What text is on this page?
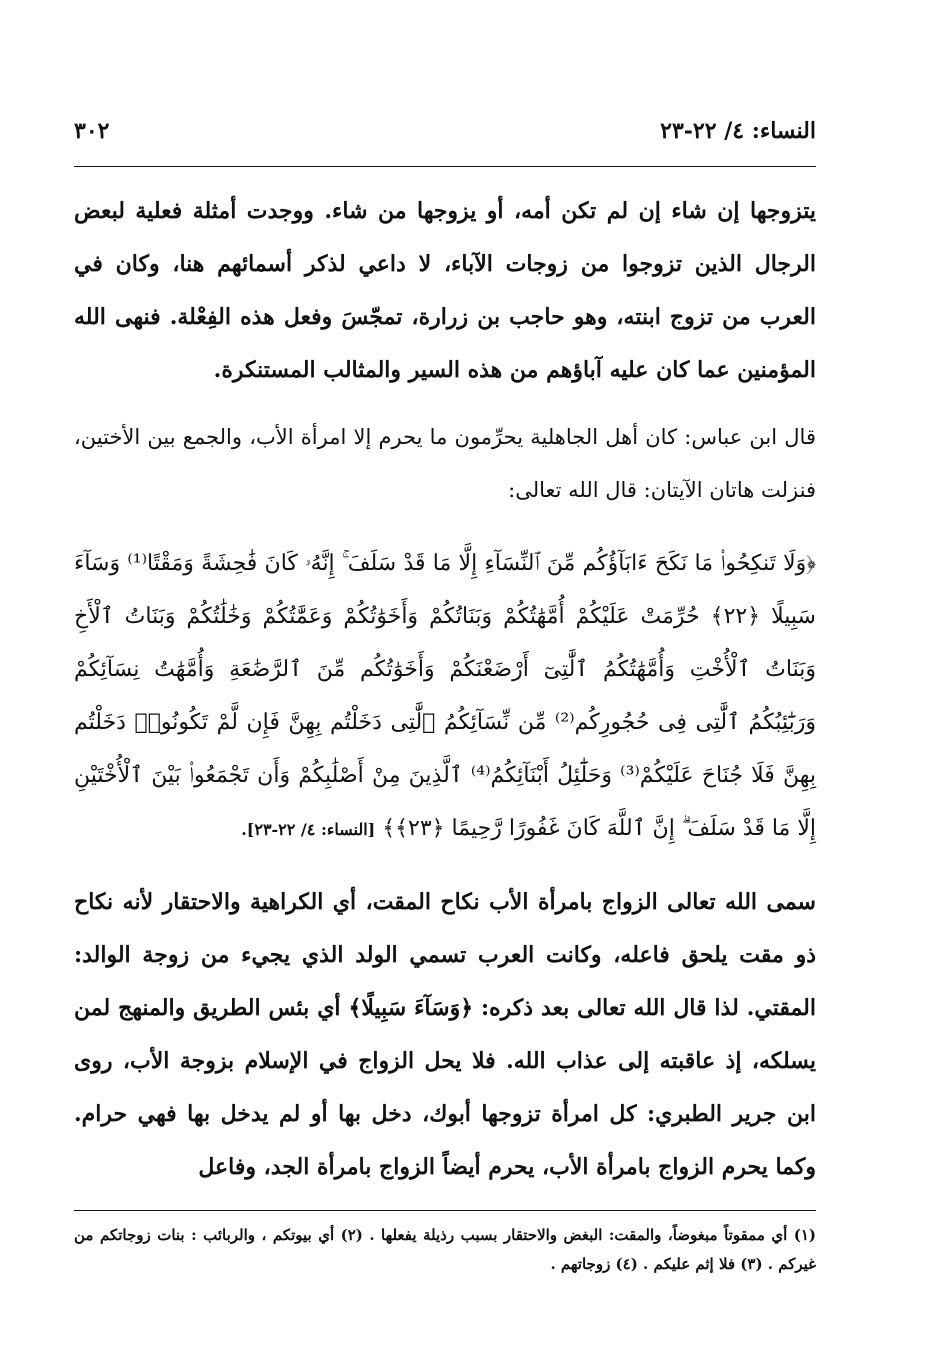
النساء: ٤/ ٢٢-٢٣
٣٠٢

يتزوجها إن شاء إن لم تكن أمه، أو يزوجها من شاء. ووجدت أمثلة فعلية لبعض الرجال الذين تزوجوا من زوجات الآباء، لا داعي لذكر أسمائهم هنا، وكان في العرب من تزوج ابنته، وهو حاجب بن زرارة، تمجّسَ وفعل هذه الفِعْلة. فنهى الله المؤمنين عما كان عليه آباؤهم من هذه السير والمثالب المستنكرة.

قال ابن عباس: كان أهل الجاهلية يحرِّمون ما يحرم إلا امرأة الأب، والجمع بين الأختين، فنزلت هاتان الآيتان: قال الله تعالى:

﴿وَلَا تَنكِحُوا۟ مَا نَكَحَ ءَابَآؤُكُم مِّنَ ٱلنِّسَآءِ إِلَّا مَا قَدْ سَلَفَ ۚ إِنَّهُۥ كَانَ فَٰحِشَةً وَمَقْتًا⁽¹⁾ وَسَآءَ سَبِيلًا ﴿٢٢﴾ حُرِّمَتْ عَلَيْكُمْ أُمَّهَٰتُكُمْ وَبَنَاتُكُمْ وَأَخَوَٰتُكُمْ وَعَمَّٰتُكُمْ وَخَٰلَٰتُكُمْ وَبَنَاتُ ٱلْأَخِ وَبَنَاتُ ٱلْأُخْتِ وَأُمَّهَٰتُكُمُ ٱلَّٰتِىٓ أَرْضَعْنَكُمْ وَأَخَوَٰتُكُم مِّنَ ٱلرَّضَٰعَةِ وَأُمَّهَٰتُ نِسَآئِكُمْ وَرَبَٰٓئِبُكُمُ ٱلَّٰتِى فِى حُجُورِكُم⁽²⁾ مِّن نِّسَآئِكُمُ ٱلَّٰتِى دَخَلْتُم بِهِنَّ فَإِن لَّمْ تَكُونُوا۟ دَخَلْتُم بِهِنَّ فَلَا جُنَاحَ عَلَيْكُمْ⁽³⁾ وَحَلَٰٓئِلُ أَبْنَآئِكُمُ⁽⁴⁾ ٱلَّذِينَ مِنْ أَصْلَٰبِكُمْ وَأَن تَجْمَعُوا۟ بَيْنَ ٱلْأُخْتَيْنِ إِلَّا مَا قَدْ سَلَفَ ۗ إِنَّ ٱللَّهَ كَانَ غَفُورًا رَّحِيمًا ﴿٢٣﴾﴾ [النساء: ٤/ ٢٢-٢٣].

سمى الله تعالى الزواج بامرأة الأب نكاح المقت، أي الكراهية والاحتقار لأنه نكاح ذو مقت يلحق فاعله، وكانت العرب تسمي الولد الذي يجيء من زوجة الوالد: المقتي. لذا قال الله تعالى بعد ذكره: ﴿وَسَآءَ سَبِيلًا﴾ أي بئس الطريق والمنهج لمن يسلكه، إذ عاقبته إلى عذاب الله. فلا يحل الزواج في الإسلام بزوجة الأب، روى ابن جرير الطبري: كل امرأة تزوجها أبوك، دخل بها أو لم يدخل بها فهي حرام. وكما يحرم الزواج بامرأة الأب، يحرم أيضاً الزواج بامرأة الجد، وفاعل

(١) أي ممقوتاً مبغوضاً، والمقت: البغض والاحتقار بسبب رذيلة يفعلها . (٢) أي بيوتكم ، والربائب : بنات زوجاتكم من غيركم . (٣) فلا إثم عليكم . (٤) زوجاتهم .
